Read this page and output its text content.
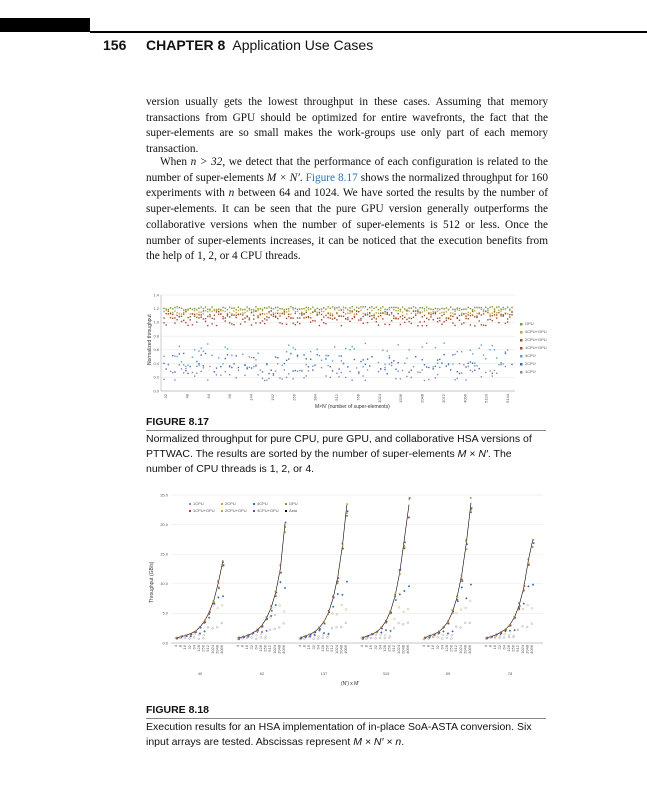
156 CHAPTER 8 Application Use Cases

version usually gets the lowest throughput in these cases. Assuming that memory transactions from GPU should be optimized for entire wavefronts, the fact that the super-elements are so small makes the work-groups use only part of each memory transaction.

When n > 32, we detect that the performance of each configuration is related to the number of super-elements M × N′. Figure 8.17 shows the normalized throughput for 160 experiments with n between 64 and 1024. We have sorted the results by the number of super-elements. It can be seen that the pure GPU version generally outperforms the collaborative versions when the number of super-elements is 512 or less. Once the number of super-elements increases, it can be noticed that the execution benefits from the help of 1, 2, or 4 CPU threads.

0.0
0.2
0.4
0.6
0.8
1.0
1.2
1.4
32	48	64	96	144	192	256	384	512	768	1024	1536	2048	3072	4096	5120	6144
GPU
4CPU+GPU
2CPU+GPU
1CPU+GPU
4CPU
2CPU
1CPU
Normalized throughput
M×N' (number of super-elements)
FIGURE 8.17

Normalized throughput for pure CPU, pure GPU, and collaborative HSA versions of PTTWAC. The results are sorted by the number of super-elements M × N′. The number of CPU threads is 1, 2, or 4.

0.0
5.0
10.0
15.0
20.0
25.0
4 8 16 32 64 128 256 512 1024 2048 4096
40
4 8 16 32 64 128 256 512 1024 2048 4096
62
4 8 16 32 64 128 256 512 1024 2048 4096
137
4 8 16 32 64 128 256 512 1024 2048 4096
315
4 8 16 32 64 128 256 512 1024 2048 4096
59
4 8 16 32 64 128 256 512 1024 2048 4096
78
1CPU	2CPU	4CPU	GPU
1CPU+GPU	2CPU+GPU	4CPU+GPU	Asta
Throughput (GB/s)
(N') x M'
FIGURE 8.18

Execution results for an HSA implementation of in-place SoA-ASTA conversion. Six input arrays are tested. Abscissas represent M × N′ × n.
